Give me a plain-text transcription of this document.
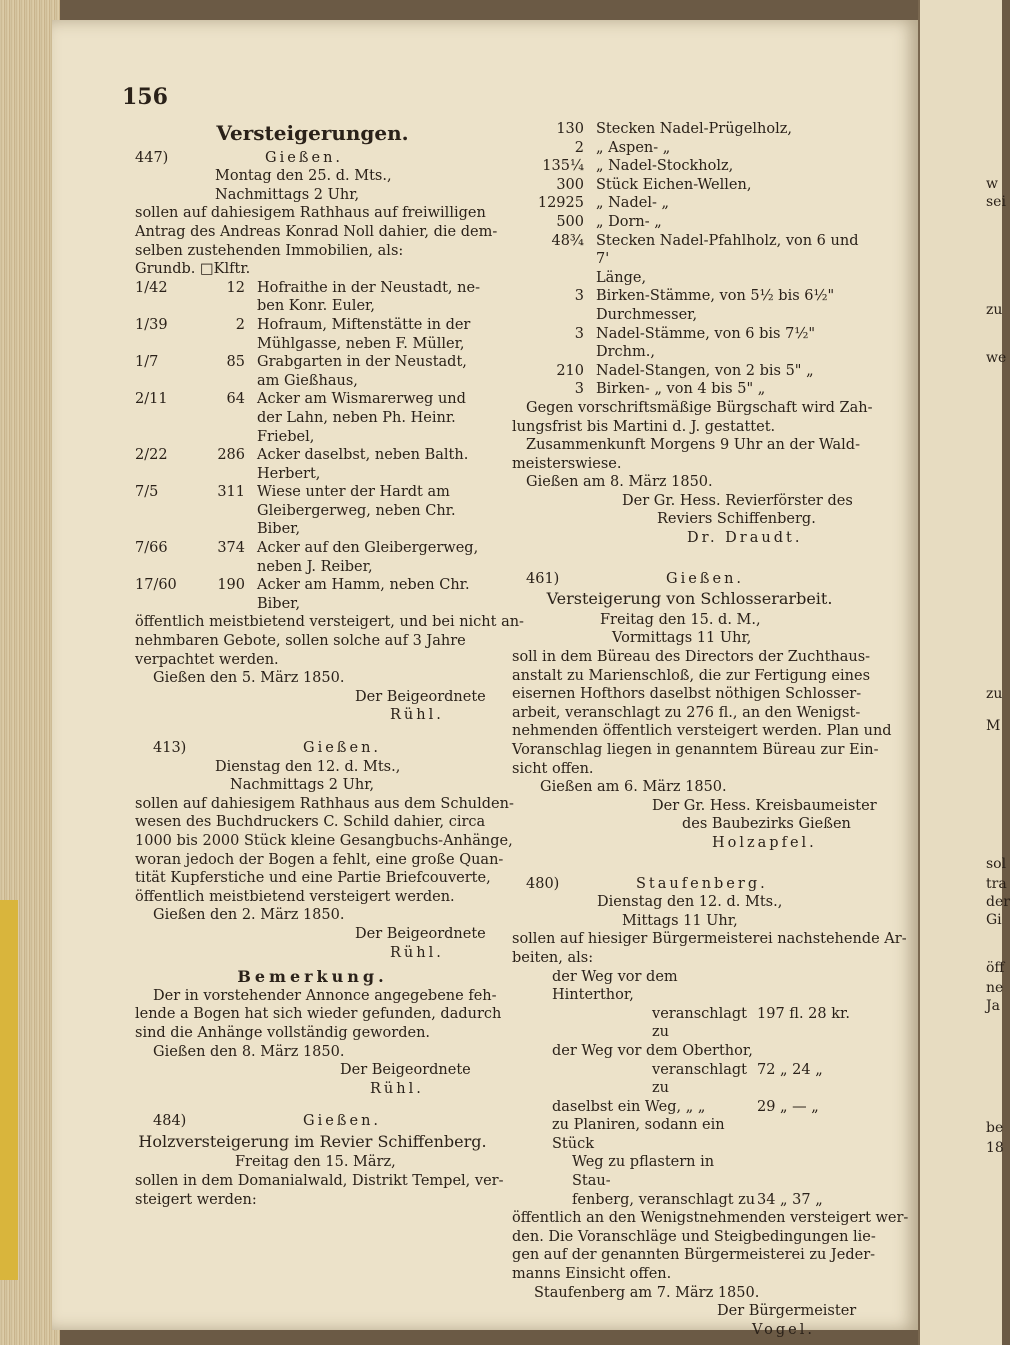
w
sei
zu
we
zu
M
sol
tra
der
Gi
öff
ne
Ja
be
18
156
Versteigerungen.
447)	Gießen.
Montag den 25. d. Mts.,
Nachmittags 2 Uhr,
sollen auf dahiesigem Rathhaus auf freiwilligen
Antrag des Andreas Konrad Noll dahier, die dem-
selben zustehenden Immobilien, als:
Grundb. □Klftr.
1/42	12 Hofraithe in der Neustadt, ne-
ben Konr. Euler,
1/39	2 Hofraum, Miftenstätte in der
Mühlgasse, neben F. Müller,
1/7	85 Grabgarten in der Neustadt,
am Gießhaus,
2/11	64 Acker am Wismarerweg und
der Lahn, neben Ph. Heinr.
Friebel,
2/22	286 Acker daselbst, neben Balth.
Herbert,
7/5	311 Wiese unter der Hardt am
Gleibergerweg, neben Chr. Biber,
7/66	374 Acker auf den Gleibergerweg,
neben J. Reiber,
17/60	190 Acker am Hamm, neben Chr.
Biber,
öffentlich meistbietend versteigert, und bei nicht an-
nehmbaren Gebote, sollen solche auf 3 Jahre
verpachtet werden.
Gießen den 5. März 1850.
Der Beigeordnete
Rühl.
413)	Gießen.
Dienstag den 12. d. Mts.,
Nachmittags 2 Uhr,
sollen auf dahiesigem Rathhaus aus dem Schulden-
wesen des Buchdruckers C. Schild dahier, circa
1000 bis 2000 Stück kleine Gesangbuchs-Anhänge,
woran jedoch der Bogen a fehlt, eine große Quan-
tität Kupferstiche und eine Partie Briefcouverte,
öffentlich meistbietend versteigert werden.
Gießen den 2. März 1850.
Der Beigeordnete
Rühl.
Bemerkung.
Der in vorstehender Annonce angegebene feh-
lende a Bogen hat sich wieder gefunden, dadurch
sind die Anhänge vollständig geworden.
Gießen den 8. März 1850.
Der Beigeordnete
Rühl.
484)	Gießen.
Holzversteigerung im Revier Schiffenberg.
Freitag den 15. März,
sollen in dem Domanialwald, Distrikt Tempel, ver-
steigert werden:
130 Stecken Nadel-Prügelholz,
2 „ Aspen- „
135¼ „ Nadel-Stockholz,
300 Stück Eichen-Wellen,
12925 „ Nadel- „
500 „ Dorn- „
48¾ Stecken Nadel-Pfahlholz, von 6 und 7'
Länge,
3 Birken-Stämme, von 5½ bis 6½"
Durchmesser,
3 Nadel-Stämme, von 6 bis 7½" Drchm.,
210 Nadel-Stangen, von 2 bis 5" „
3 Birken- „ von 4 bis 5" „
Gegen vorschriftsmäßige Bürgschaft wird Zah-
lungsfrist bis Martini d. J. gestattet.
Zusammenkunft Morgens 9 Uhr an der Wald-
meisterswiese.
Gießen am 8. März 1850.
Der Gr. Hess. Revierförster des
Reviers Schiffenberg.
Dr. Draudt.
461)	Gießen.
Versteigerung von Schlosserarbeit.
Freitag den 15. d. M.,
Vormittags 11 Uhr,
soll in dem Büreau des Directors der Zuchthaus-
anstalt zu Marienschloß, die zur Fertigung eines
eisernen Hofthors daselbst nöthigen Schlosser-
arbeit, veranschlagt zu 276 fl., an den Wenigst-
nehmenden öffentlich versteigert werden. Plan und
Voranschlag liegen in genanntem Büreau zur Ein-
sicht offen.
Gießen am 6. März 1850.
Der Gr. Hess. Kreisbaumeister
des Baubezirks Gießen
Holzapfel.
480)	Staufenberg.
Dienstag den 12. d. Mts.,
Mittags 11 Uhr,
sollen auf hiesiger Bürgermeisterei nachstehende Ar-
beiten, als:
der Weg vor dem Hinterthor,
veranschlagt zu
197 fl. 28 kr.
der Weg vor dem Oberthor,
veranschlagt zu
72 „ 24 „
daselbst ein Weg, „ „	29 „ — „
zu Planiren, sodann ein Stück
Weg zu pflastern in Stau-
fenberg, veranschlagt zu 34 „ 37 „
öffentlich an den Wenigstnehmenden versteigert wer-
den. Die Voranschläge und Steigbedingungen lie-
gen auf der genannten Bürgermeisterei zu Jeder-
manns Einsicht offen.
Staufenberg am 7. März 1850.
Der Bürgermeister
Vogel.
